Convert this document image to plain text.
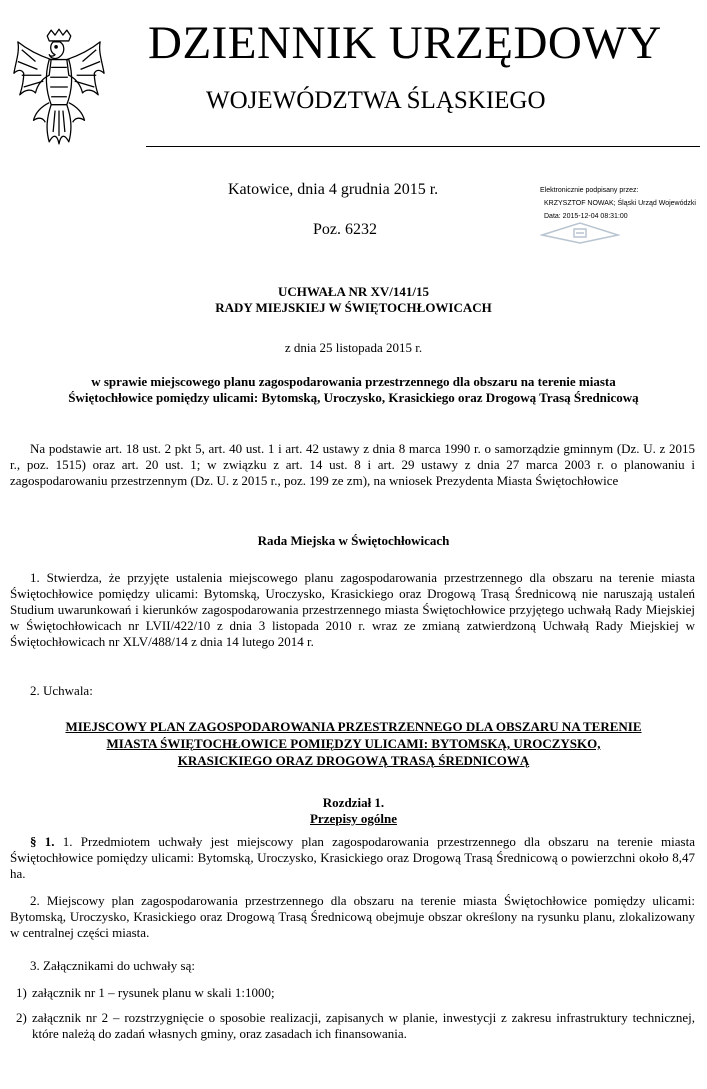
DZIENNIK URZĘDOWY
WOJEWÓDZTWA ŚLĄSKIEGO
Katowice, dnia 4 grudnia 2015 r.
Poz. 6232
Elektronicznie podpisany przez:
KRZYSZTOF NOWAK; Śląski Urząd Wojewódzki
Data: 2015-12-04 08:31:00
UCHWAŁA NR XV/141/15
RADY MIEJSKIEJ W ŚWIĘTOCHŁOWICACH
z dnia 25 listopada 2015 r.
w sprawie miejscowego planu zagospodarowania przestrzennego dla obszaru na terenie miasta
Świętochłowice pomiędzy ulicami: Bytomską, Uroczysko, Krasickiego oraz Drogową Trasą Średnicową

Na podstawie art. 18 ust. 2 pkt 5, art. 40 ust. 1 i art. 42 ustawy z dnia 8 marca 1990 r. o samorządzie gminnym (Dz. U. z 2015 r., poz. 1515) oraz art. 20 ust. 1; w związku z art. 14 ust. 8 i art. 29 ustawy z dnia 27 marca 2003 r. o planowaniu i zagospodarowaniu przestrzennym (Dz. U. z 2015 r., poz. 199 ze zm), na wniosek Prezydenta Miasta Świętochłowice

Rada Miejska w Świętochłowicach

1. Stwierdza, że przyjęte ustalenia miejscowego planu zagospodarowania przestrzennego dla obszaru na terenie miasta Świętochłowice pomiędzy ulicami: Bytomską, Uroczysko, Krasickiego oraz Drogową Trasą Średnicową nie naruszają ustaleń Studium uwarunkowań i kierunków zagospodarowania przestrzennego miasta Świętochłowice przyjętego uchwałą Rady Miejskiej w Świętochłowicach nr LVII/422/10 z dnia 3 listopada 2010 r. wraz ze zmianą zatwierdzoną Uchwałą Rady Miejskiej w Świętochłowicach nr XLV/488/14 z dnia 14 lutego 2014 r.

2. Uchwala:

MIEJSCOWY PLAN ZAGOSPODAROWANIA PRZESTRZENNEGO DLA OBSZARU NA TERENIE
MIASTA ŚWIĘTOCHŁOWICE POMIĘDZY ULICAMI: BYTOMSKĄ, UROCZYSKO,
KRASICKIEGO ORAZ DROGOWĄ TRASĄ ŚREDNICOWĄ
Rozdział 1.
Przepisy ogólne

§ 1. 1. Przedmiotem uchwały jest miejscowy plan zagospodarowania przestrzennego dla obszaru na terenie miasta Świętochłowice pomiędzy ulicami: Bytomską, Uroczysko, Krasickiego oraz Drogową Trasą Średnicową o powierzchni około 8,47 ha.

2. Miejscowy plan zagospodarowania przestrzennego dla obszaru na terenie miasta Świętochłowice pomiędzy ulicami: Bytomską, Uroczysko, Krasickiego oraz Drogową Trasą Średnicową obejmuje obszar określony na rysunku planu, zlokalizowany w centralnej części miasta.

3. Załącznikami do uchwały są:

1) załącznik nr 1 – rysunek planu w skali 1:1000;
2) załącznik nr 2 – rozstrzygnięcie o sposobie realizacji, zapisanych w planie, inwestycji z zakresu infrastruktury technicznej, które należą do zadań własnych gminy, oraz zasadach ich finansowania.
